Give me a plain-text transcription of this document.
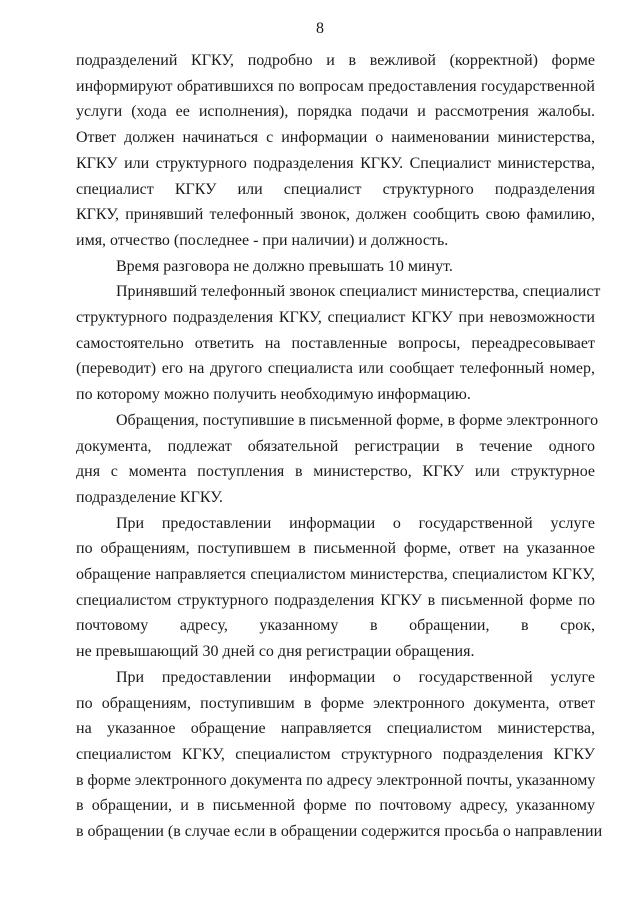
8
подразделений КГКУ, подробно и в вежливой (корректной) форме
информируют обратившихся по вопросам предоставления государственной
услуги (хода ее исполнения), порядка подачи и рассмотрения жалобы.
Ответ должен начинаться с информации о наименовании министерства,
КГКУ или структурного подразделения КГКУ. Специалист министерства,
специалист КГКУ или специалист структурного подразделения
КГКУ, принявший телефонный звонок, должен сообщить свою фамилию,
имя, отчество (последнее - при наличии) и должность.
Время разговора не должно превышать 10 минут.
Принявший телефонный звонок специалист министерства, специалист
структурного подразделения КГКУ, специалист КГКУ при невозможности
самостоятельно ответить на поставленные вопросы, переадресовывает
(переводит) его на другого специалиста или сообщает телефонный номер,
по которому можно получить необходимую информацию.
Обращения, поступившие в письменной форме, в форме электронного
документа, подлежат обязательной регистрации в течение одного
дня с момента поступления в министерство, КГКУ или структурное
подразделение КГКУ.
При предоставлении информации о государственной услуге
по обращениям, поступившем в письменной форме, ответ на указанное
обращение направляется специалистом министерства, специалистом КГКУ,
специалистом структурного подразделения КГКУ в письменной форме по
почтовому адресу, указанному в обращении, в срок,
не превышающий 30 дней со дня регистрации обращения.
При предоставлении информации о государственной услуге
по обращениям, поступившим в форме электронного документа, ответ
на указанное обращение направляется специалистом министерства,
специалистом КГКУ, специалистом структурного подразделения КГКУ
в форме электронного документа по адресу электронной почты, указанному
в обращении, и в письменной форме по почтовому адресу, указанному
в обращении (в случае если в обращении содержится просьба о направлении
